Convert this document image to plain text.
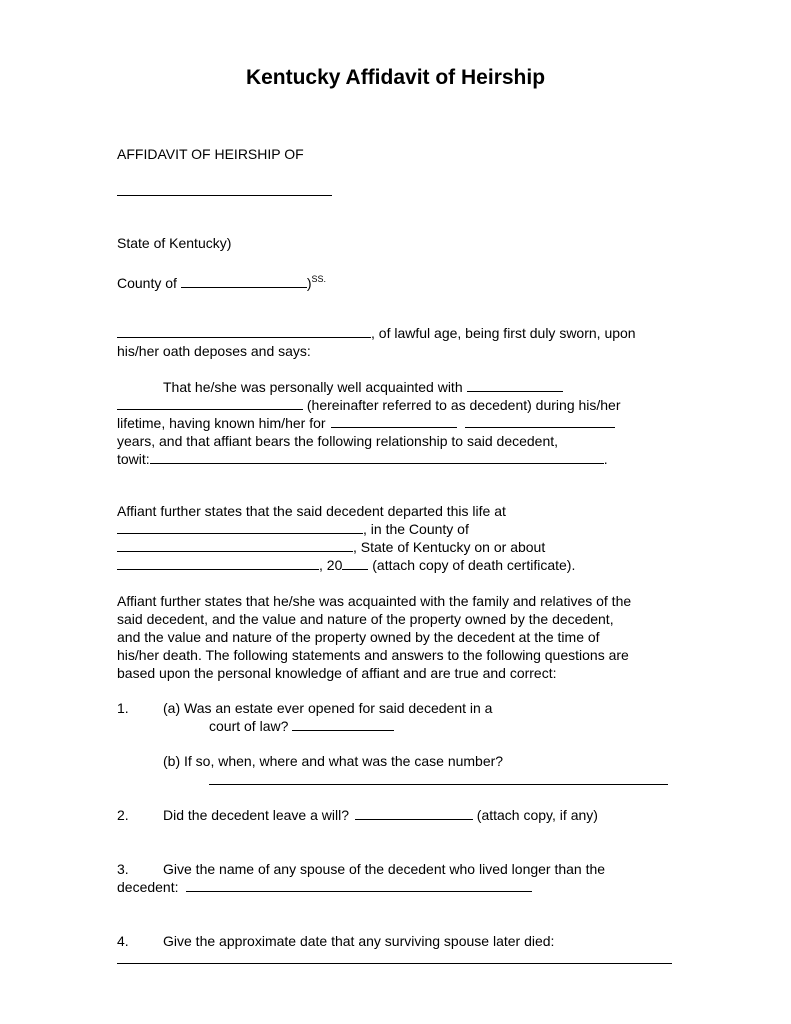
Kentucky Affidavit of Heirship
AFFIDAVIT OF HEIRSHIP OF
State of Kentucky)
County of	)$^{SS.}$
, of lawful age, being first duly sworn, upon
his/her oath deposes and says:
That he/she was personally well acquainted with
(hereinafter referred to as decedent) during his/her
lifetime, having known him/her for
years, and that affiant bears the following relationship to said decedent,
towit:	.
Affiant further states that the said decedent departed this life at
, in the County of
, State of Kentucky on or about
, 20 (attach copy of death certificate).
Affiant further states that he/she was acquainted with the family and relatives of the
said decedent, and the value and nature of the property owned by the decedent,
and the value and nature of the property owned by the decedent at the time of
his/her death. The following statements and answers to the following questions are
based upon the personal knowledge of affiant and are true and correct:
1. (a) Was an estate ever opened for said decedent in a
court of law?
(b) If so, when, where and what was the case number?
2. Did the decedent leave a will?	(attach copy, if any)
3. Give the name of any spouse of the decedent who lived longer than the
decedent:
4. Give the approximate date that any surviving spouse later died:
